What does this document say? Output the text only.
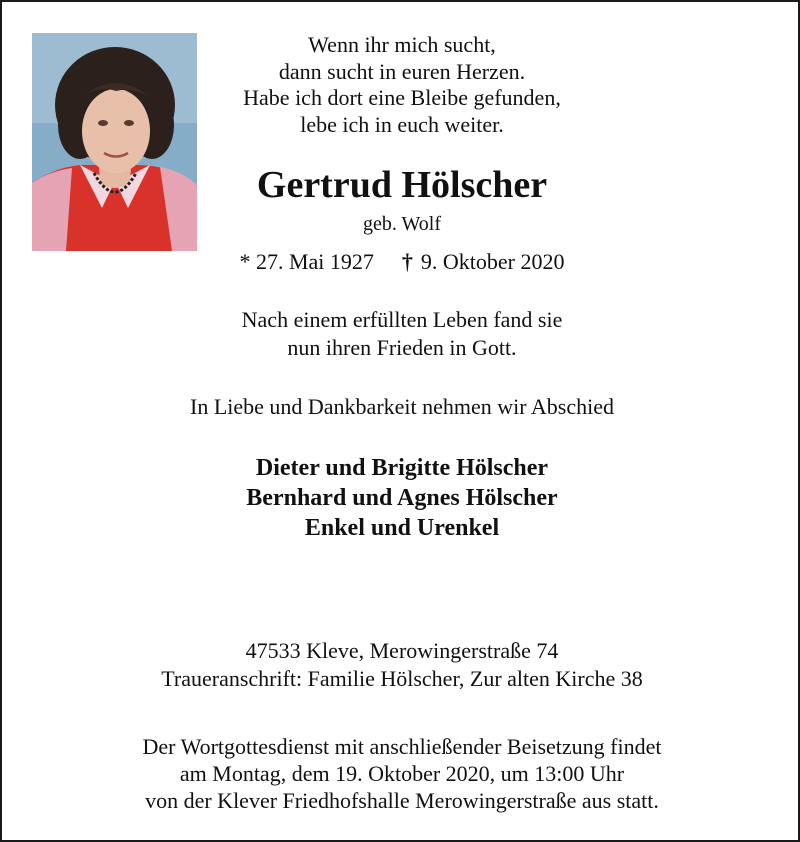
Wenn ihr mich sucht,
dann sucht in euren Herzen.
Habe ich dort eine Bleibe gefunden,
lebe ich in euch weiter.
Gertrud Hölscher
geb. Wolf
* 27. Mai 1927 † 9. Oktober 2020
Nach einem erfüllten Leben fand sie
nun ihren Frieden in Gott.
In Liebe und Dankbarkeit nehmen wir Abschied
Dieter und Brigitte Hölscher
Bernhard und Agnes Hölscher
Enkel und Urenkel
47533 Kleve, Merowingerstraße 74
Traueranschrift: Familie Hölscher, Zur alten Kirche 38
Der Wortgottesdienst mit anschließender Beisetzung findet
am Montag, dem 19. Oktober 2020, um 13:00 Uhr
von der Klever Friedhofshalle Merowingerstraße aus statt.
